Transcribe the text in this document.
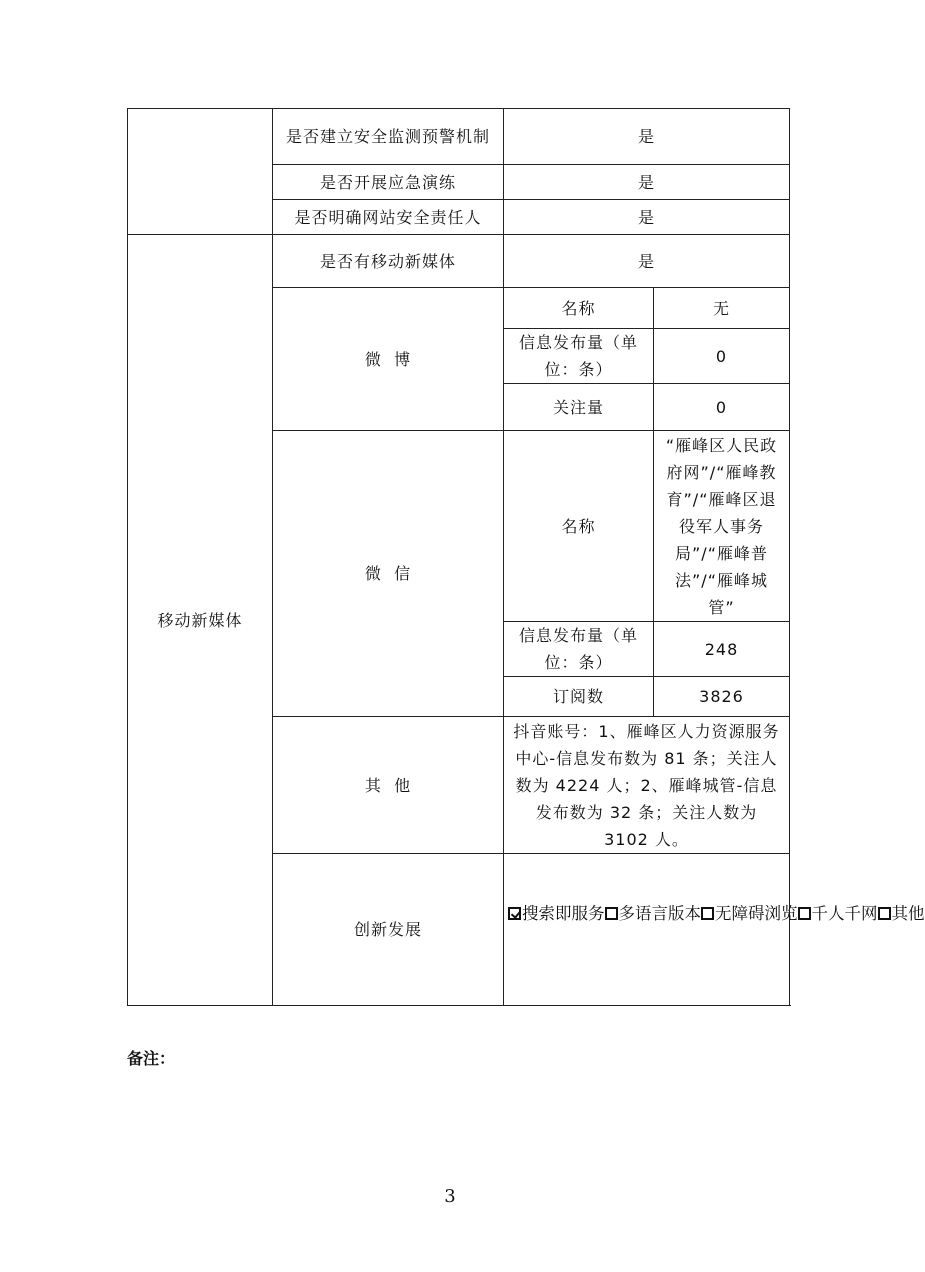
	是否建立安全监测预警机制	是	
	是否开展应急演练	是	
	是否明确网站安全责任人	是	
移动新媒体	是否有移动新媒体	是	
	微  博	名称	无
		信息发布量（单位：条）	0
		关注量	0
	微  信	名称	“雁峰区人民政府网”/“雁峰教育”/“雁峰区退役军人事务局”/“雁峰普法”/“雁峰城管”
		信息发布量（单位：条）	248
		订阅数	3826
	其  他	抖音账号：1、雁峰区人力资源服务中心-信息发布数为 81 条；关注人数为 4224 人；2、雁峰城管-信息发布数为 32 条；关注人数为 3102 人。	
	创新发展	搜索即服务 多语言版本 无障碍浏览 千人千网 其他	
备注：
3
